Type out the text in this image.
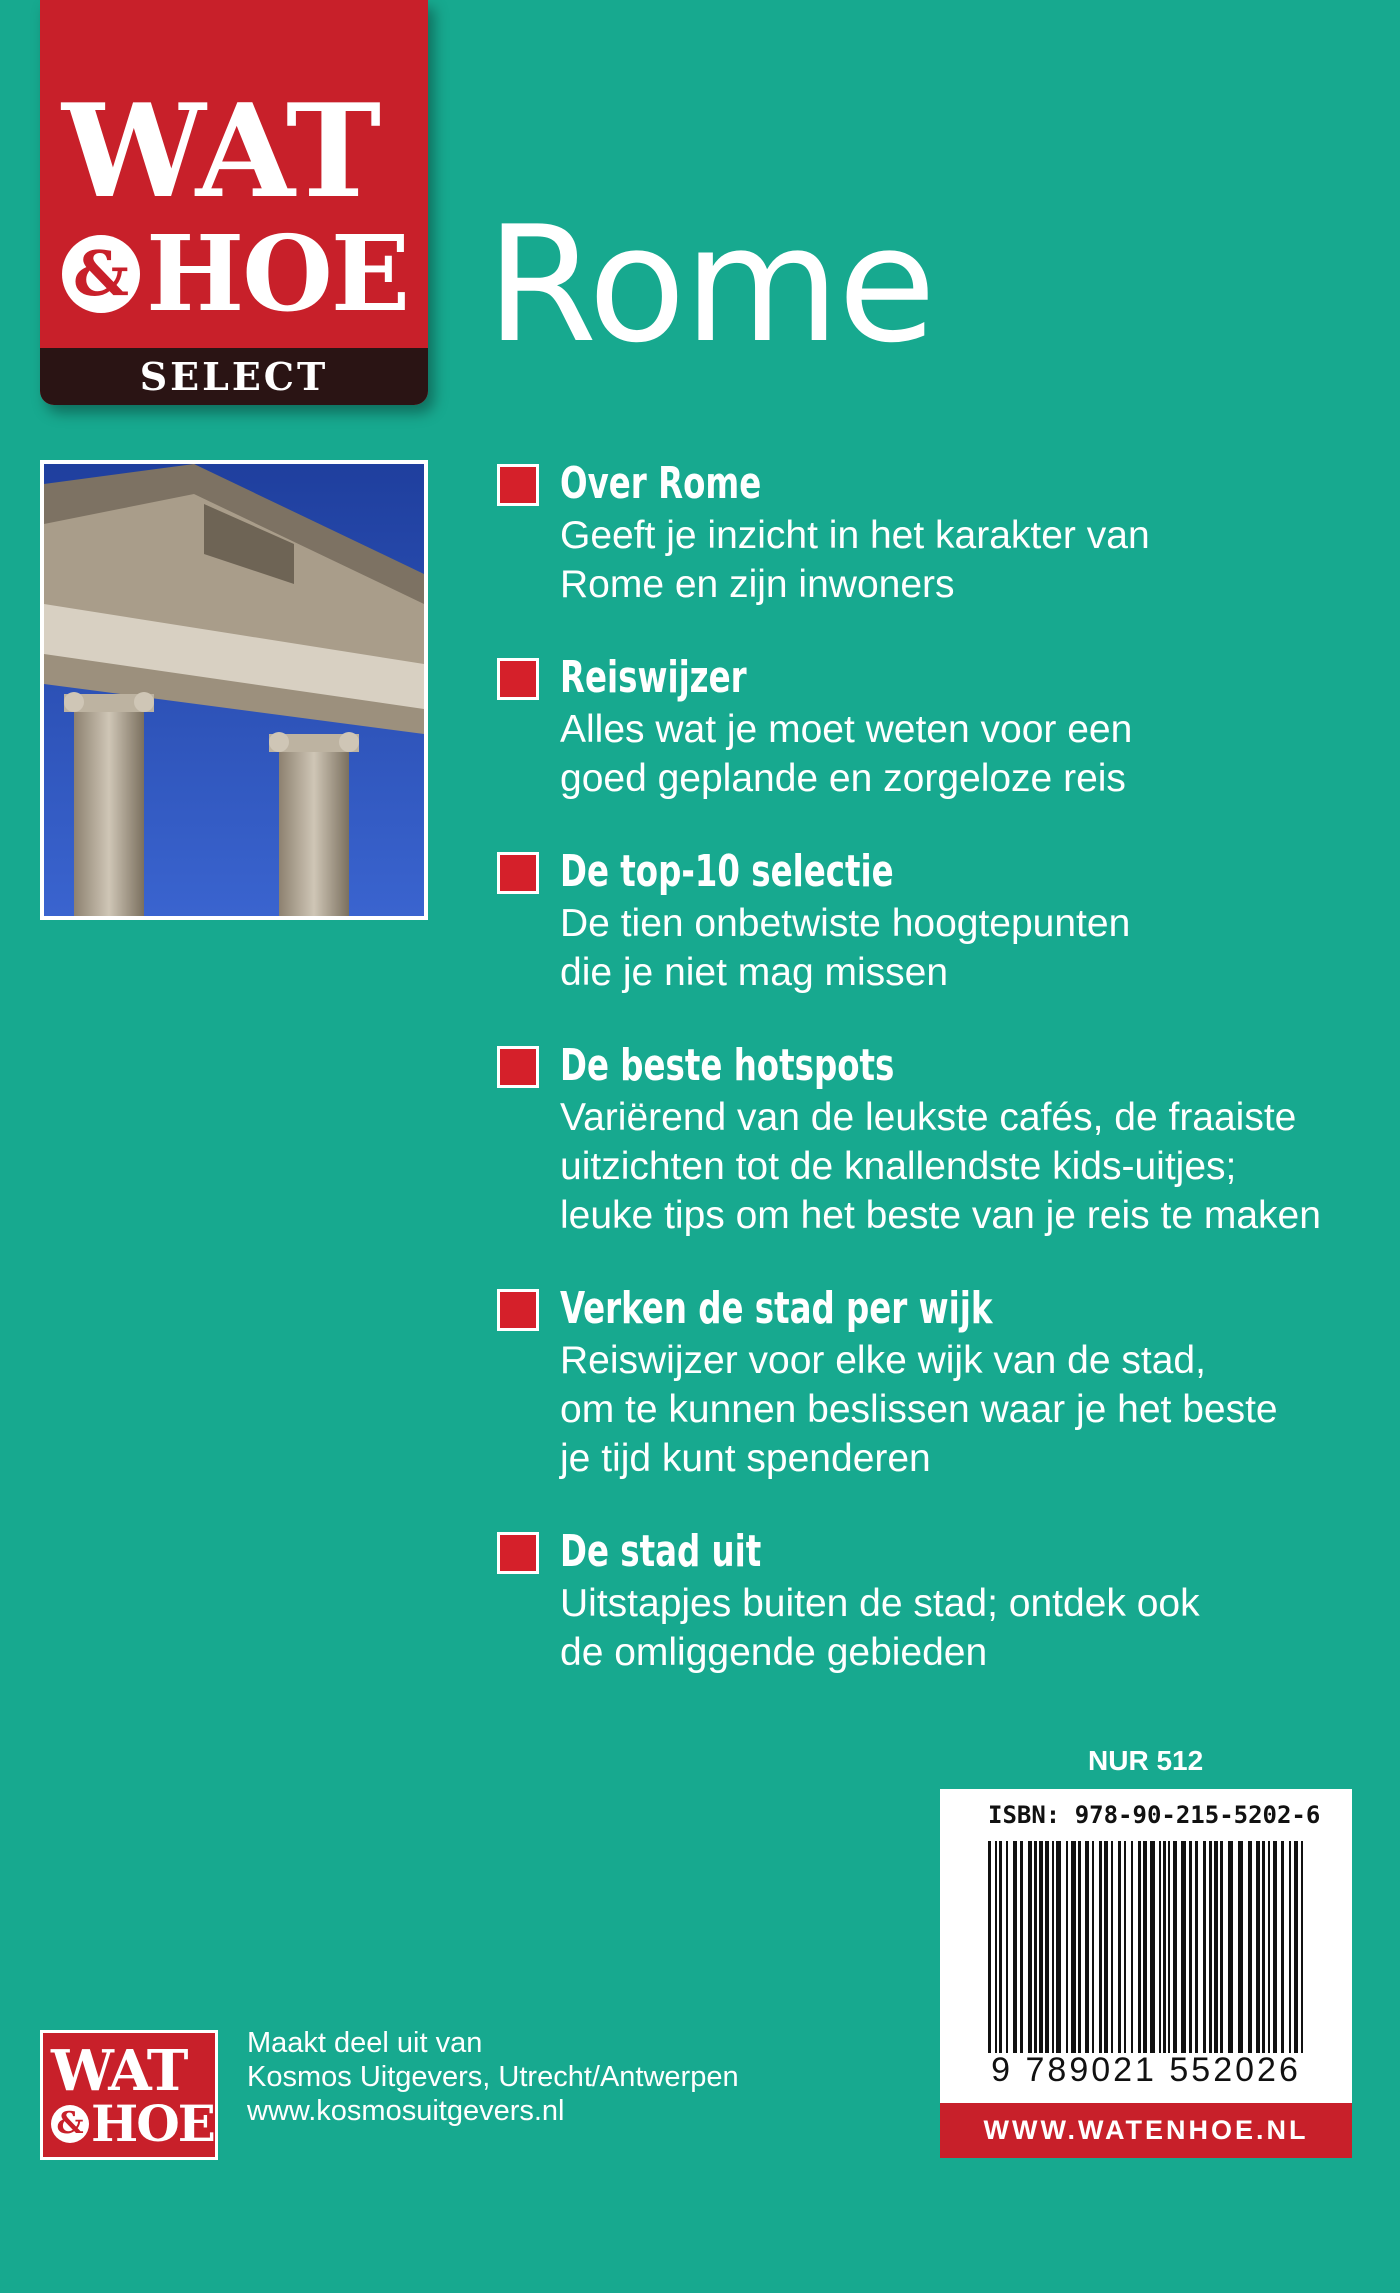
WAT
& HOE
SELECT Rome
Over Rome
Geeft je inzicht in het karakter van
Rome en zijn inwoners
Reiswijzer
Alles wat je moet weten voor een
goed geplande en zorgeloze reis
De top-10 selectie
De tien onbetwiste hoogtepunten
die je niet mag missen
De beste hotspots
Variërend van de leukste cafés, de fraaiste
uitzichten tot de knallendste kids-uitjes;
leuke tips om het beste van je reis te maken
Verken de stad per wijk
Reiswijzer voor elke wijk van de stad,
om te kunnen beslissen waar je het beste
je tijd kunt spenderen
De stad uit
Uitstapjes buiten de stad; ontdek ook
de omliggende gebieden
NUR 512
ISBN: 978-90-215-5202-6
9 789021 552026
WWW.WATENHOE.NL
WAT
& HOE
Maakt deel uit van
Kosmos Uitgevers, Utrecht/Antwerpen
www.kosmosuitgevers.nl
